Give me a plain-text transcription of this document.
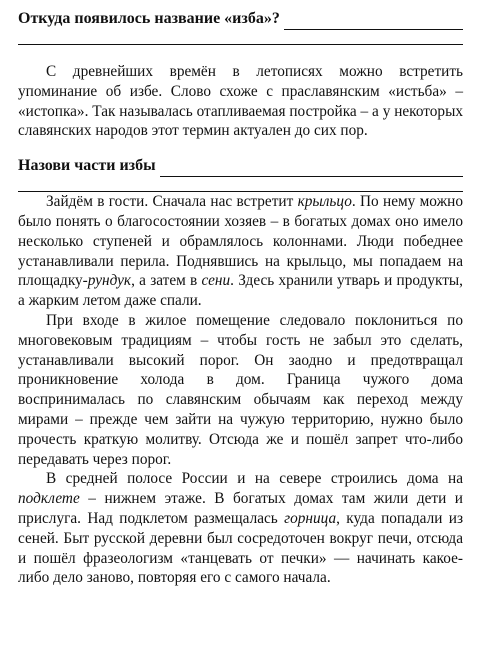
Откуда появилось название «изба»?

С древнейших времён в летописях можно встретить упоминание об избе. Слово схоже с праславянским «истьба» – «истопка». Так называлась отапливаемая постройка – а у некоторых славянских народов этот термин актуален до сих пор.

Назови части избы

Зайдём в гости. Сначала нас встретит крыльцо. По нему можно было понять о благосостоянии хозяев – в богатых домах оно имело несколько ступеней и обрамлялось колоннами. Люди победнее устанавливали перила. Поднявшись на крыльцо, мы попадаем на площадку-рундук, а затем в сени. Здесь хранили утварь и продукты, а жарким летом даже спали.

При входе в жилое помещение следовало поклониться по многовековым традициям – чтобы гость не забыл это сделать, устанавливали высокий порог. Он заодно и предотвращал проникновение холода в дом. Граница чужого дома воспринималась по славянским обычаям как переход между мирами – прежде чем зайти на чужую территорию, нужно было прочесть краткую молитву. Отсюда же и пошёл запрет что-либо передавать через порог.

В средней полосе России и на севере строились дома на подклете – нижнем этаже. В богатых домах там жили дети и прислуга. Над подклетом размещалась горница, куда попадали из сеней. Быт русской деревни был сосредоточен вокруг печи, отсюда и пошёл фразеологизм «танцевать от печки» — начинать какое-либо дело заново, повторяя его с самого начала.
